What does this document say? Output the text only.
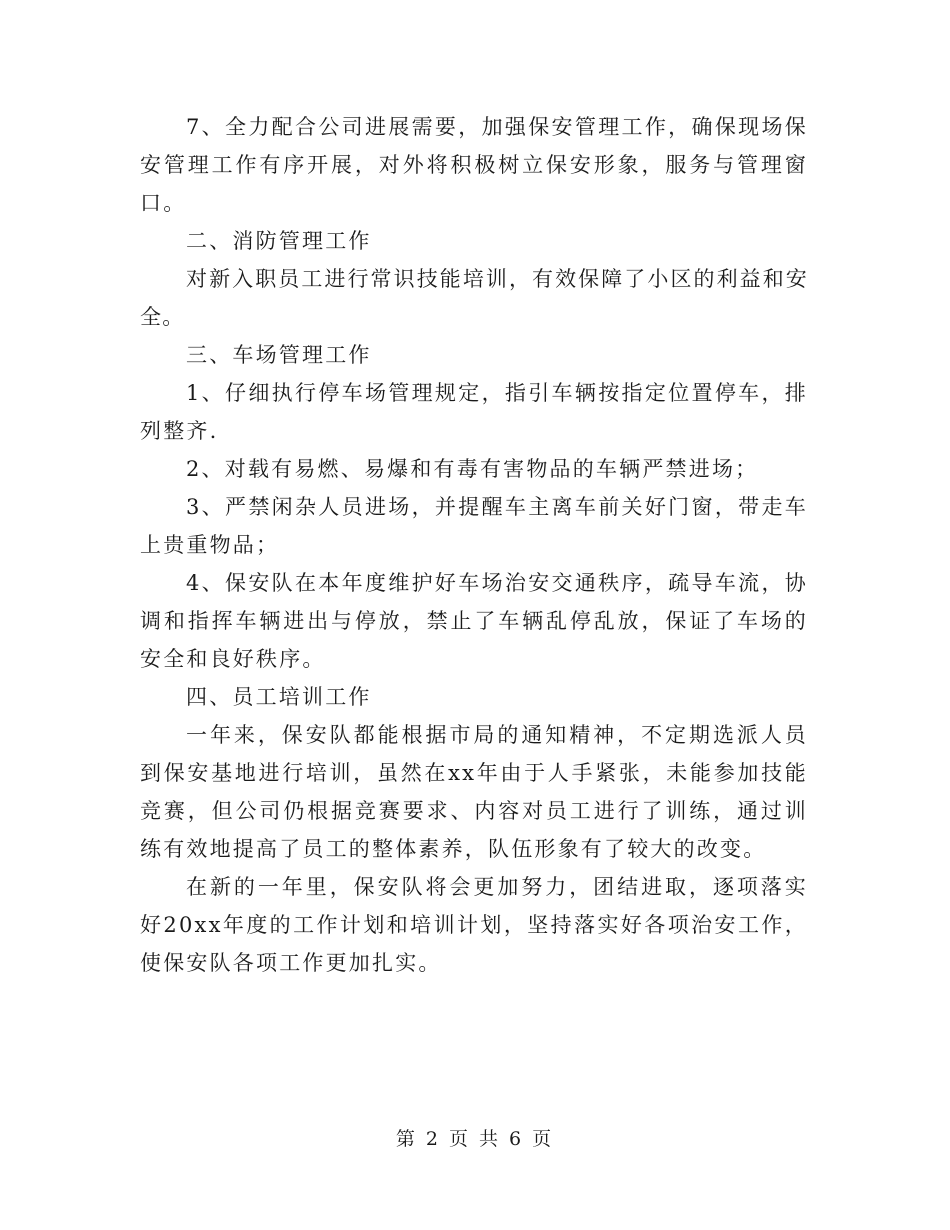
7、全力配合公司进展需要，加强保安管理工作，确保现场保安管理工作有序开展，对外将积极树立保安形象，服务与管理窗口。

二、消防管理工作

对新入职员工进行常识技能培训，有效保障了小区的利益和安全。

三、车场管理工作

1、仔细执行停车场管理规定，指引车辆按指定位置停车，排列整齐.

2、对载有易燃、易爆和有毒有害物品的车辆严禁进场；

3、严禁闲杂人员进场，并提醒车主离车前关好门窗，带走车上贵重物品；

4、保安队在本年度维护好车场治安交通秩序，疏导车流，协调和指挥车辆进出与停放，禁止了车辆乱停乱放，保证了车场的安全和良好秩序。

四、员工培训工作

一年来，保安队都能根据市局的通知精神，不定期选派人员到保安基地进行培训，虽然在xx年由于人手紧张，未能参加技能竞赛，但公司仍根据竞赛要求、内容对员工进行了训练，通过训练有效地提高了员工的整体素养，队伍形象有了较大的改变。

在新的一年里，保安队将会更加努力，团结进取，逐项落实好20xx年度的工作计划和培训计划，坚持落实好各项治安工作，使保安队各项工作更加扎实。

第 2 页 共 6 页
